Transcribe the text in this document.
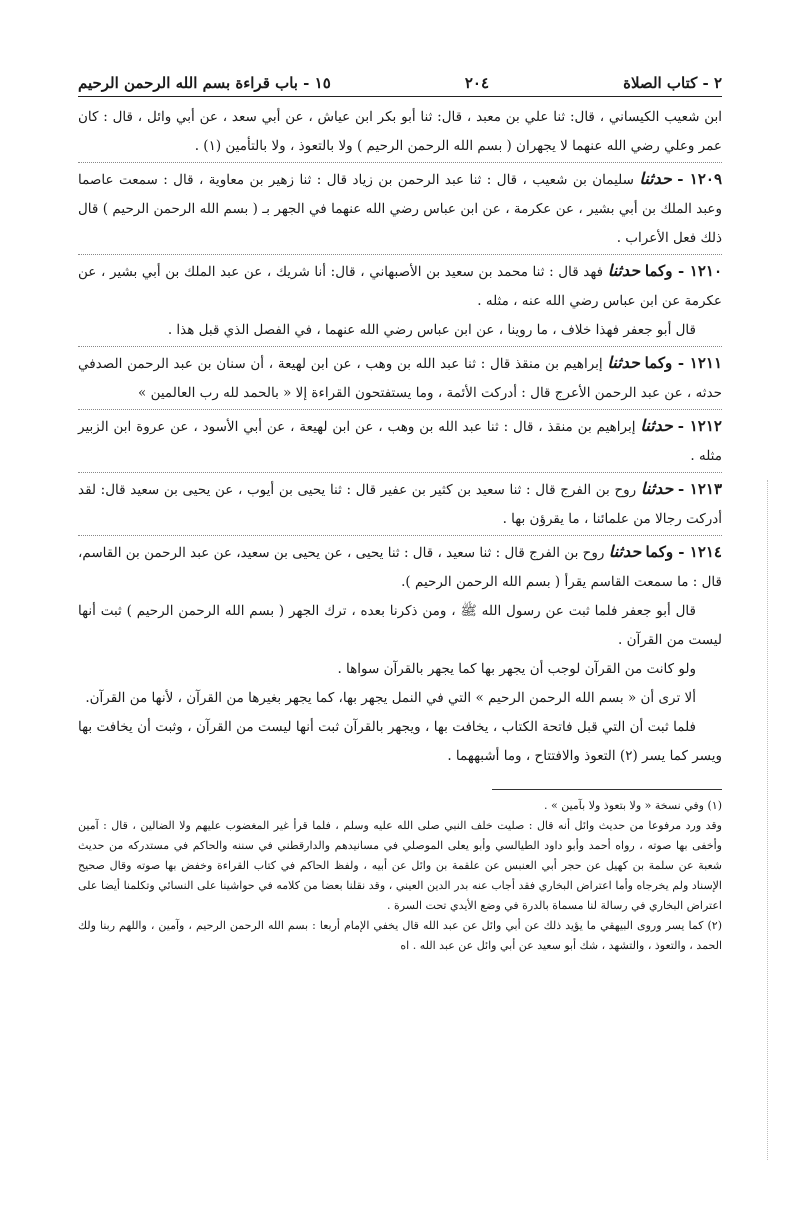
٢ - كتاب الصلاة
٢٠٤
١٥ - باب قراءة بسم الله الرحمن الرحيم

ابن شعيب الكيساني ، قال: ثنا علي بن معبد ، قال: ثنا أبو بكر ابن عياش ، عن أبي سعد ، عن أبي وائل ، قال : كان عمر وعلي رضي الله عنهما لا يجهران ( بسم الله الرحمن الرحيم ) ولا بالتعوذ ، ولا بالتأمين (١) .

١٢٠٩ - حدثنا سليمان بن شعيب ، قال : ثنا عبد الرحمن بن زياد قال : ثنا زهير بن معاوية ، قال : سمعت عاصما وعبد الملك بن أبي بشير ، عن عكرمة ، عن ابن عباس رضي الله عنهما في الجهر بـ ( بسم الله الرحمن الرحيم ) قال ذلك فعل الأعراب .

١٢١٠ - وكما حدثنا فهد قال : ثنا محمد بن سعيد بن الأصبهاني ، قال: أنا شريك ، عن عبد الملك بن أبي بشير ، عن عكرمة عن ابن عباس رضي الله عنه ، مثله .

قال أبو جعفر فهذا خلاف ، ما روينا ، عن ابن عباس رضي الله عنهما ، في الفصل الذي قبل هذا .

١٢١١ - وكما حدثنا إبراهيم بن منقذ قال : ثنا عبد الله بن وهب ، عن ابن لهيعة ، أن سنان بن عبد الرحمن الصدفي حدثه ، عن عبد الرحمن الأعرج قال : أدركت الأئمة ، وما يستفتحون القراءة إلا « بالحمد لله رب العالمين »

١٢١٢ - حدثنا إبراهيم بن منقذ ، قال : ثنا عبد الله بن وهب ، عن ابن لهيعة ، عن أبي الأسود ، عن عروة ابن الزبير مثله .

١٢١٣ - حدثنا روح بن الفرج قال : ثنا سعيد بن كثير بن عفير قال : ثنا يحيى بن أيوب ، عن يحيى بن سعيد قال: لقد أدركت رجالا من علمائنا ، ما يقرؤن بها .

١٢١٤ - وكما حدثنا روح بن الفرج قال : ثنا سعيد ، قال : ثنا يحيى ، عن يحيى بن سعيد، عن عبد الرحمن بن القاسم، قال : ما سمعت القاسم يقرأ ( بسم الله الرحمن الرحيم ).

قال أبو جعفر فلما ثبت عن رسول الله ﷺ ، ومن ذكرنا بعده ، ترك الجهر ( بسم الله الرحمن الرحيم ) ثبت أنها ليست من القرآن .

ولو كانت من القرآن لوجب أن يجهر بها كما يجهر بالقرآن سواها .

ألا ترى أن « بسم الله الرحمن الرحيم » التي في النمل يجهر بها، كما يجهر بغيرها من القرآن ، لأنها من القرآن.

فلما ثبت أن التي قبل فاتحة الكتاب ، يخافت بها ، ويجهر بالقرآن ثبت أنها ليست من القرآن ، وثبت أن يخافت بها ويسر كما يسر (٢) التعوذ والافتتاح ، وما أشبههما .

(١) وفي نسخة « ولا بتعوذ ولا بآمين » .

وقد ورد مرفوعا من حديث وائل أنه قال : صليت خلف النبي صلى الله عليه وسلم ، فلما قرأ غير المغضوب عليهم ولا الضالين ، قال : آمين وأخفى بها صوته ، رواه أحمد وأبو داود الطيالسي وأبو يعلى الموصلي في مسانيدهم والدارقطني في سننه والحاكم في مستدركه من حديث شعبة عن سلمة بن كهيل عن حجر أبي العنبس عن علقمة بن وائل عن أبيه ، ولفظ الحاكم في كتاب القراءة وخفض بها صوته وقال صحيح الإسناد ولم يخرجاه وأما اعتراض البخاري فقد أجاب عنه بدر الدين العيني ، وقد نقلنا بعضا من كلامه في حواشينا على النسائي وتكلمنا أيضا على اعتراض البخاري في رسالة لنا مسماة بالدرة في وضع الأيدي تحت السرة .

(٢) كما يسر وروى البيهقي ما يؤيد ذلك عن أبي وائل عن عبد الله قال يخفي الإمام أربعا : بسم الله الرحمن الرحيم ، وآمين ، واللهم ربنا ولك الحمد ، والتعوذ ، والتشهد ، شك أبو سعيد عن أبي وائل عن عبد الله . اه
